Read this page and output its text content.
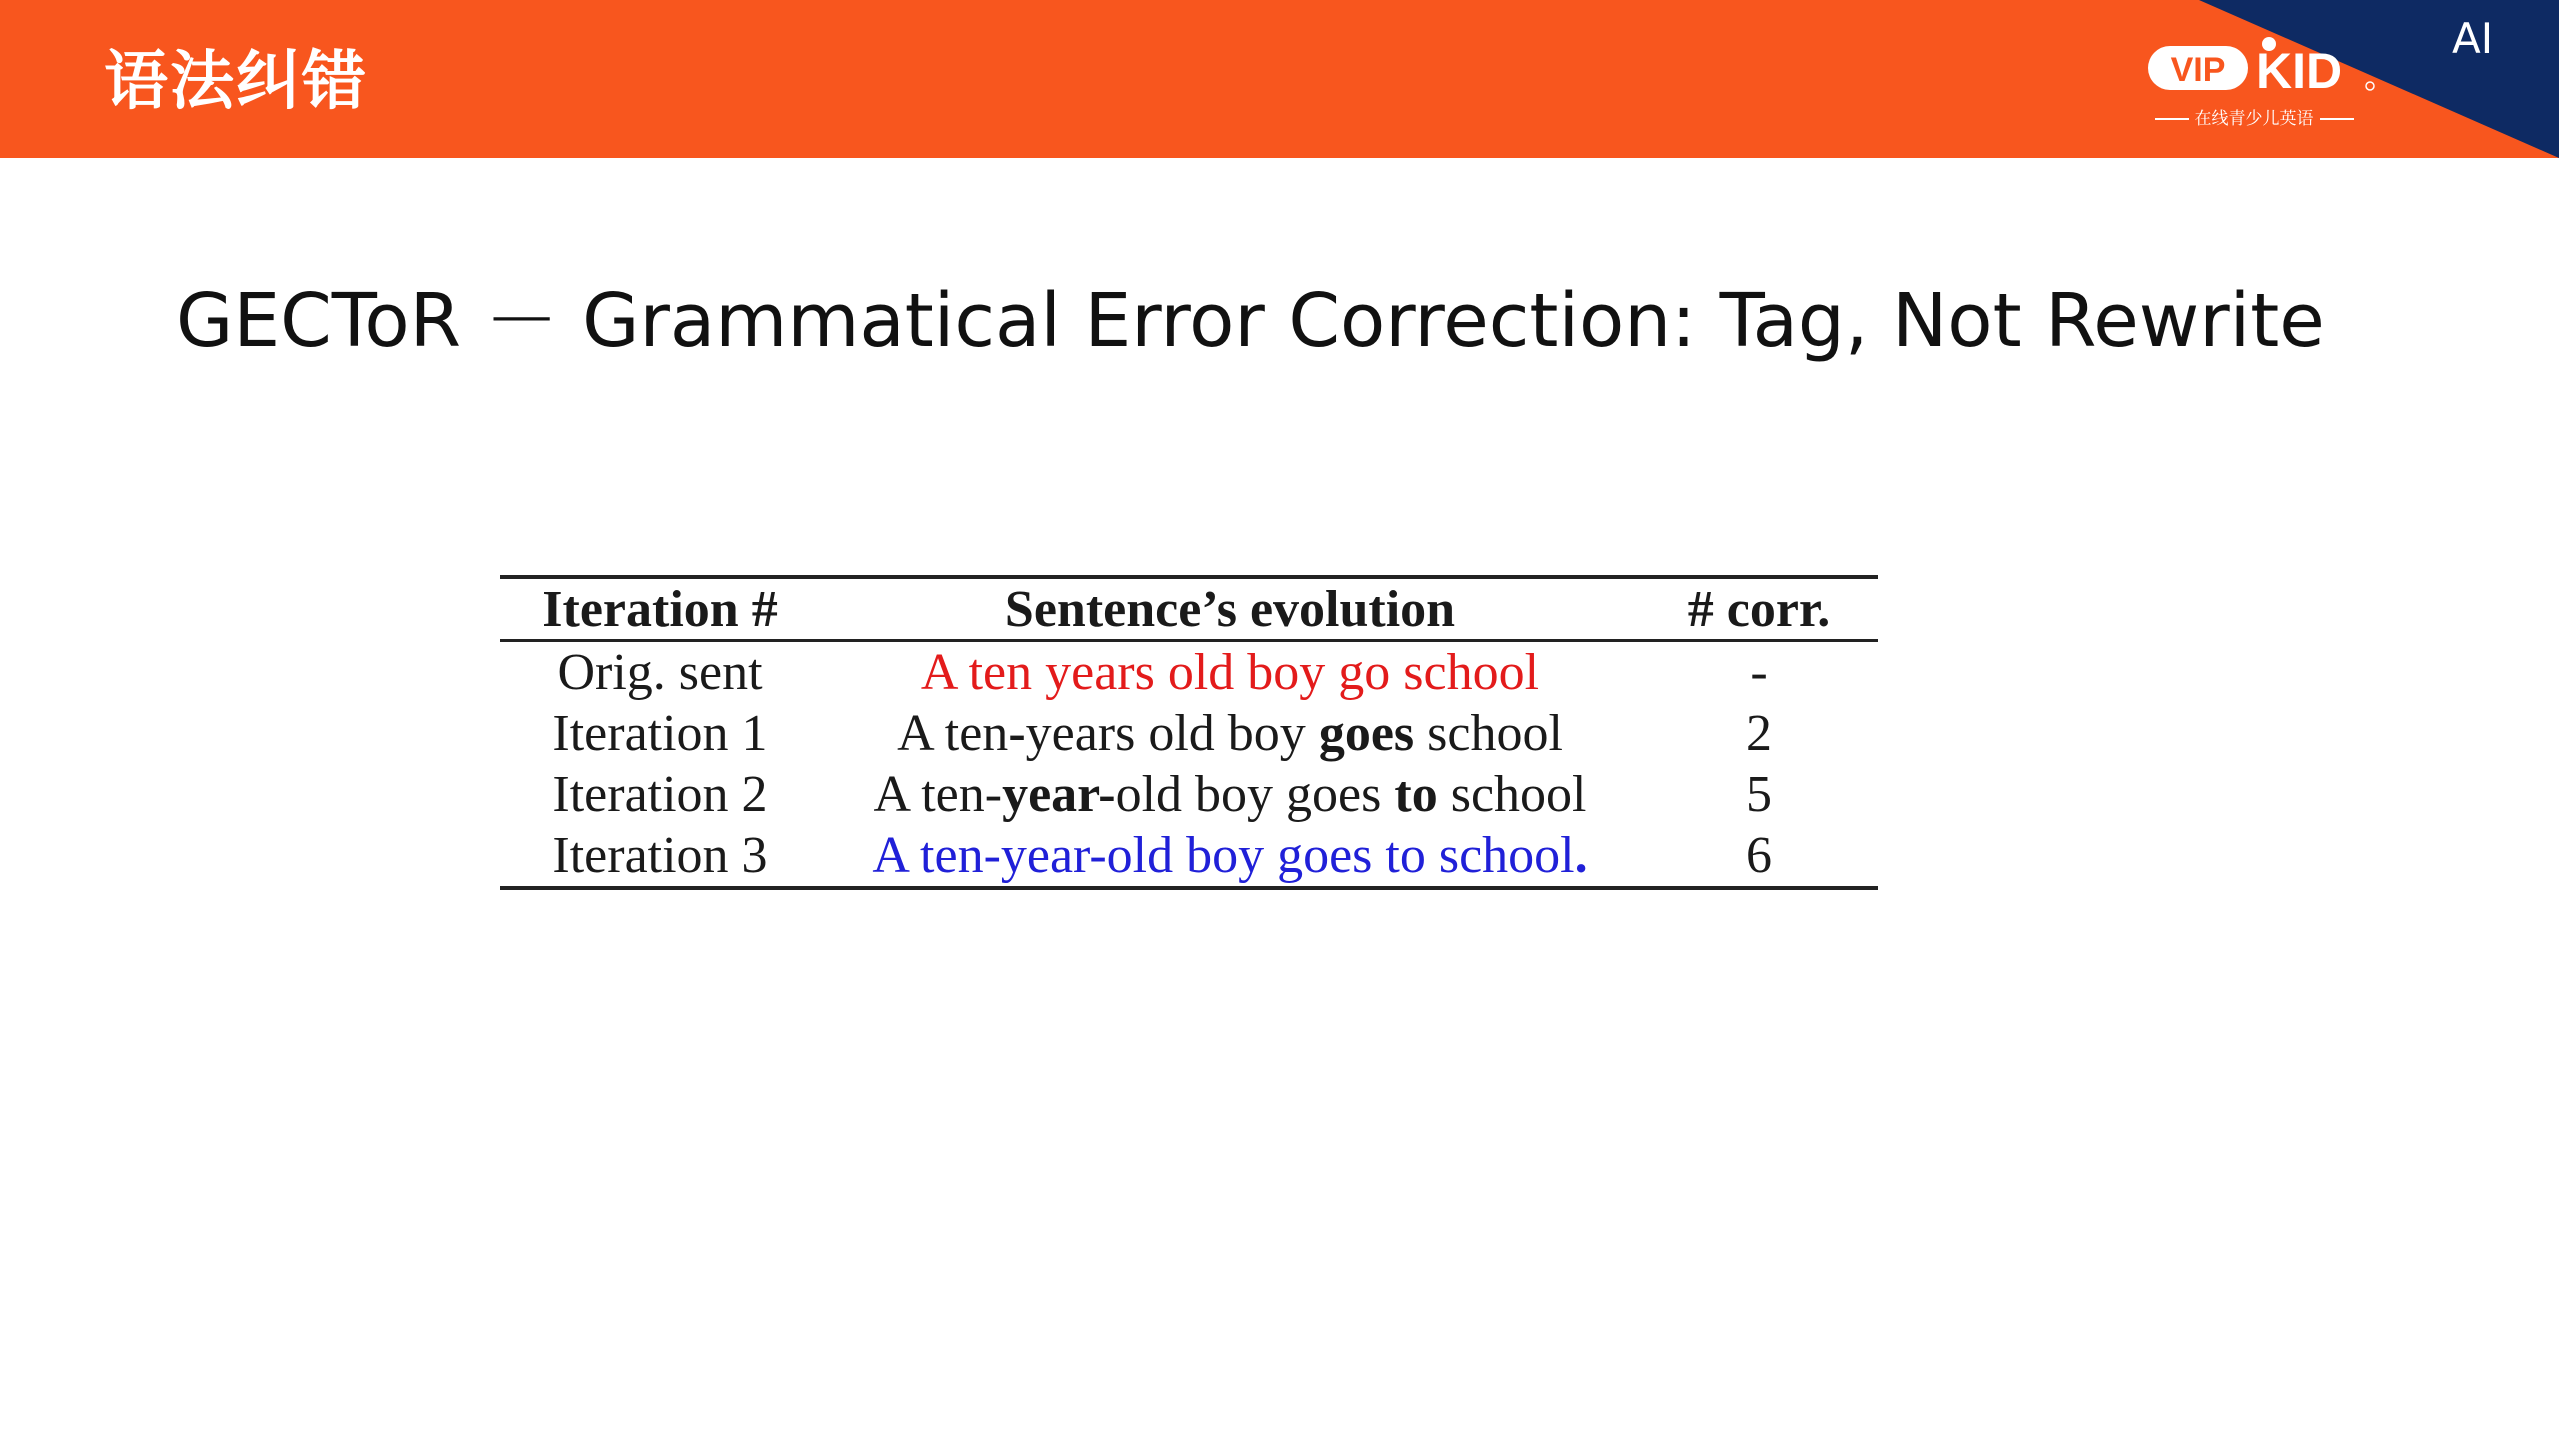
语法纠错
AI
VIP KID
在线青少儿英语
GECToR － Grammatical Error Correction: Tag, Not Rewrite
Iteration #	Sentence’s evolution	# corr.
Orig. sent	A ten years old boy go school	-
Iteration 1	A ten-years old boy goes school	2
Iteration 2	A ten-year-old boy goes to school	5
Iteration 3	A ten-year-old boy goes to school.	6
